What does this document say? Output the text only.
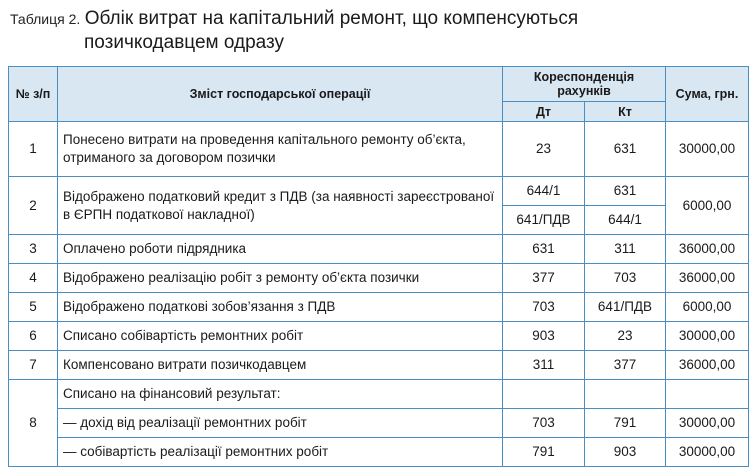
Таблиця 2. Облік витрат на капітальний ремонт, що компенсуються
позичкодавцем одразу
№ з/п	Зміст господарської операції	Кореспонденція рахунків		Сума, грн.
		Дт	Кт	
1	Понесено витрати на проведення капітального ремонту об’єкта, отриманого за договором позички	23	631	30000,00
2	Відображено податковий кредит з ПДВ (за наявності зареєстрованої в ЄРПН податкової накладної)	644/1	631	6000,00
		641/ПДВ	644/1	
3	Оплачено роботи підрядника	631	311	36000,00
4	Відображено реалізацію робіт з ремонту об’єкта позички	377	703	36000,00
5	Відображено податкові зобов’язання з ПДВ	703	641/ПДВ	6000,00
6	Списано собівартість ремонтних робіт	903	23	30000,00
7	Компенсовано витрати позичкодавцем	311	377	36000,00
8	Списано на фінансовий результат:			
	— дохід від реалізації ремонтних робіт	703	791	30000,00
	— собівартість реалізації ремонтних робіт	791	903	30000,00
